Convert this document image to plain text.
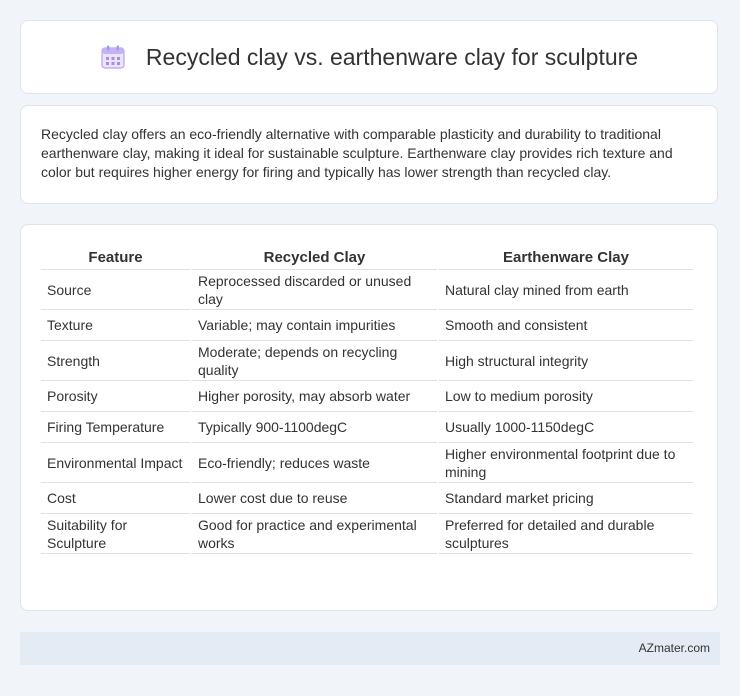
Recycled clay vs. earthenware clay for sculpture

Recycled clay offers an eco-friendly alternative with comparable plasticity and durability to traditional earthenware clay, making it ideal for sustainable sculpture. Earthenware clay provides rich texture and color but requires higher energy for firing and typically has lower strength than recycled clay.

Feature	Recycled Clay	Earthenware Clay
Source	Reprocessed discarded or unused clay	Natural clay mined from earth
Texture	Variable; may contain impurities	Smooth and consistent
Strength	Moderate; depends on recycling quality	High structural integrity
Porosity	Higher porosity, may absorb water	Low to medium porosity
Firing Temperature	Typically 900-1100degC	Usually 1000-1150degC
Environmental Impact	Eco-friendly; reduces waste	Higher environmental footprint due to mining
Cost	Lower cost due to reuse	Standard market pricing
Suitability for Sculpture	Good for practice and experimental works	Preferred for detailed and durable sculptures
AZmater.com
